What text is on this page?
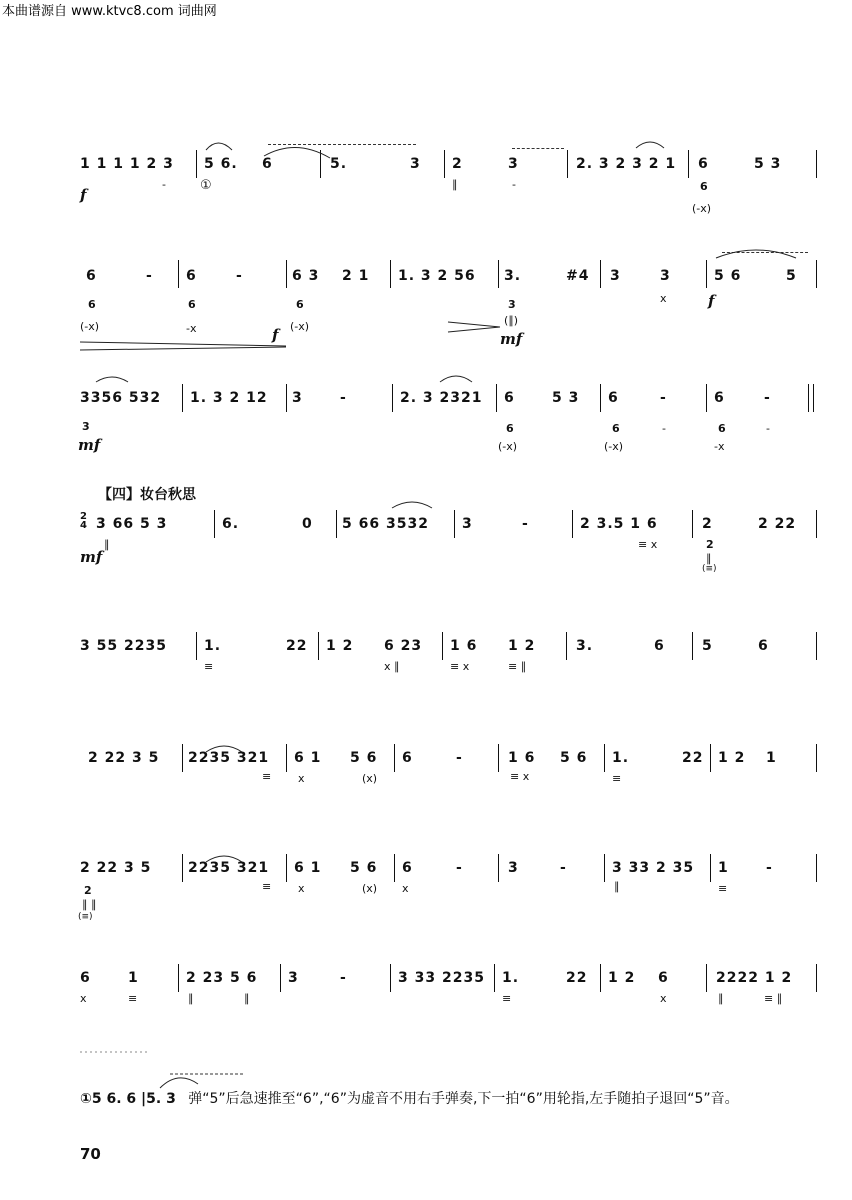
本曲谱源自 www.ktvc8.com 词曲网
1 1 1 1 2 3 5 6. 6	5.	3 2	3	2. 3 2 3 2 1 6	5 3
f
①
-	∥	-	6
(-x)
6	- 6	-	6 3 2 1 1. 3 2 56 3.	#4 3	3	5 6	5
6
(-x)
6
-x
6
(-x)
3
(∥)
x
f	mf
f
3356 532 1. 3 2 12 3	-	2. 3 2321 6	5 3 6	-	6	-
3
mf
6
(-x)
6
(-x)
-	6	-
-x
【四】妆台秋思
2
4 3 66 5 3	6.	0 5 66 3532 3	-	2 3.5 1 6	2	2 22
∥
mf
≡ x	2
∥
(≡)
3 55 2235	1.	22 1 2 6 23 1 6 1 2	3.	6	5	6
≡	x ∥	≡ x	≡ ∥
2 22 3 5 2235 321 6 1 5 6 6	-	1 6 5 6 1.	22 1 2 1
≡ x	(x)	≡ x	≡
2 22 3 5	2235 321 6 1 5 6 6	-	3	-	3 33 2 35 1	-
2
∥ ∥
(≡)
≡ x	(x) x	∥	≡
6	1	2 23 5 6 3	-	3 33 2235 1.	22 1 2 6	2222 1 2
x	≡	∥	∥	≡	x	∥	≡ ∥
①5 6. 6 |5. 3 弹“5”后急速推至“6”,“6”为虚音不用右手弹奏,下一拍“6”用轮指,左手随拍子退回“5”音。
70
